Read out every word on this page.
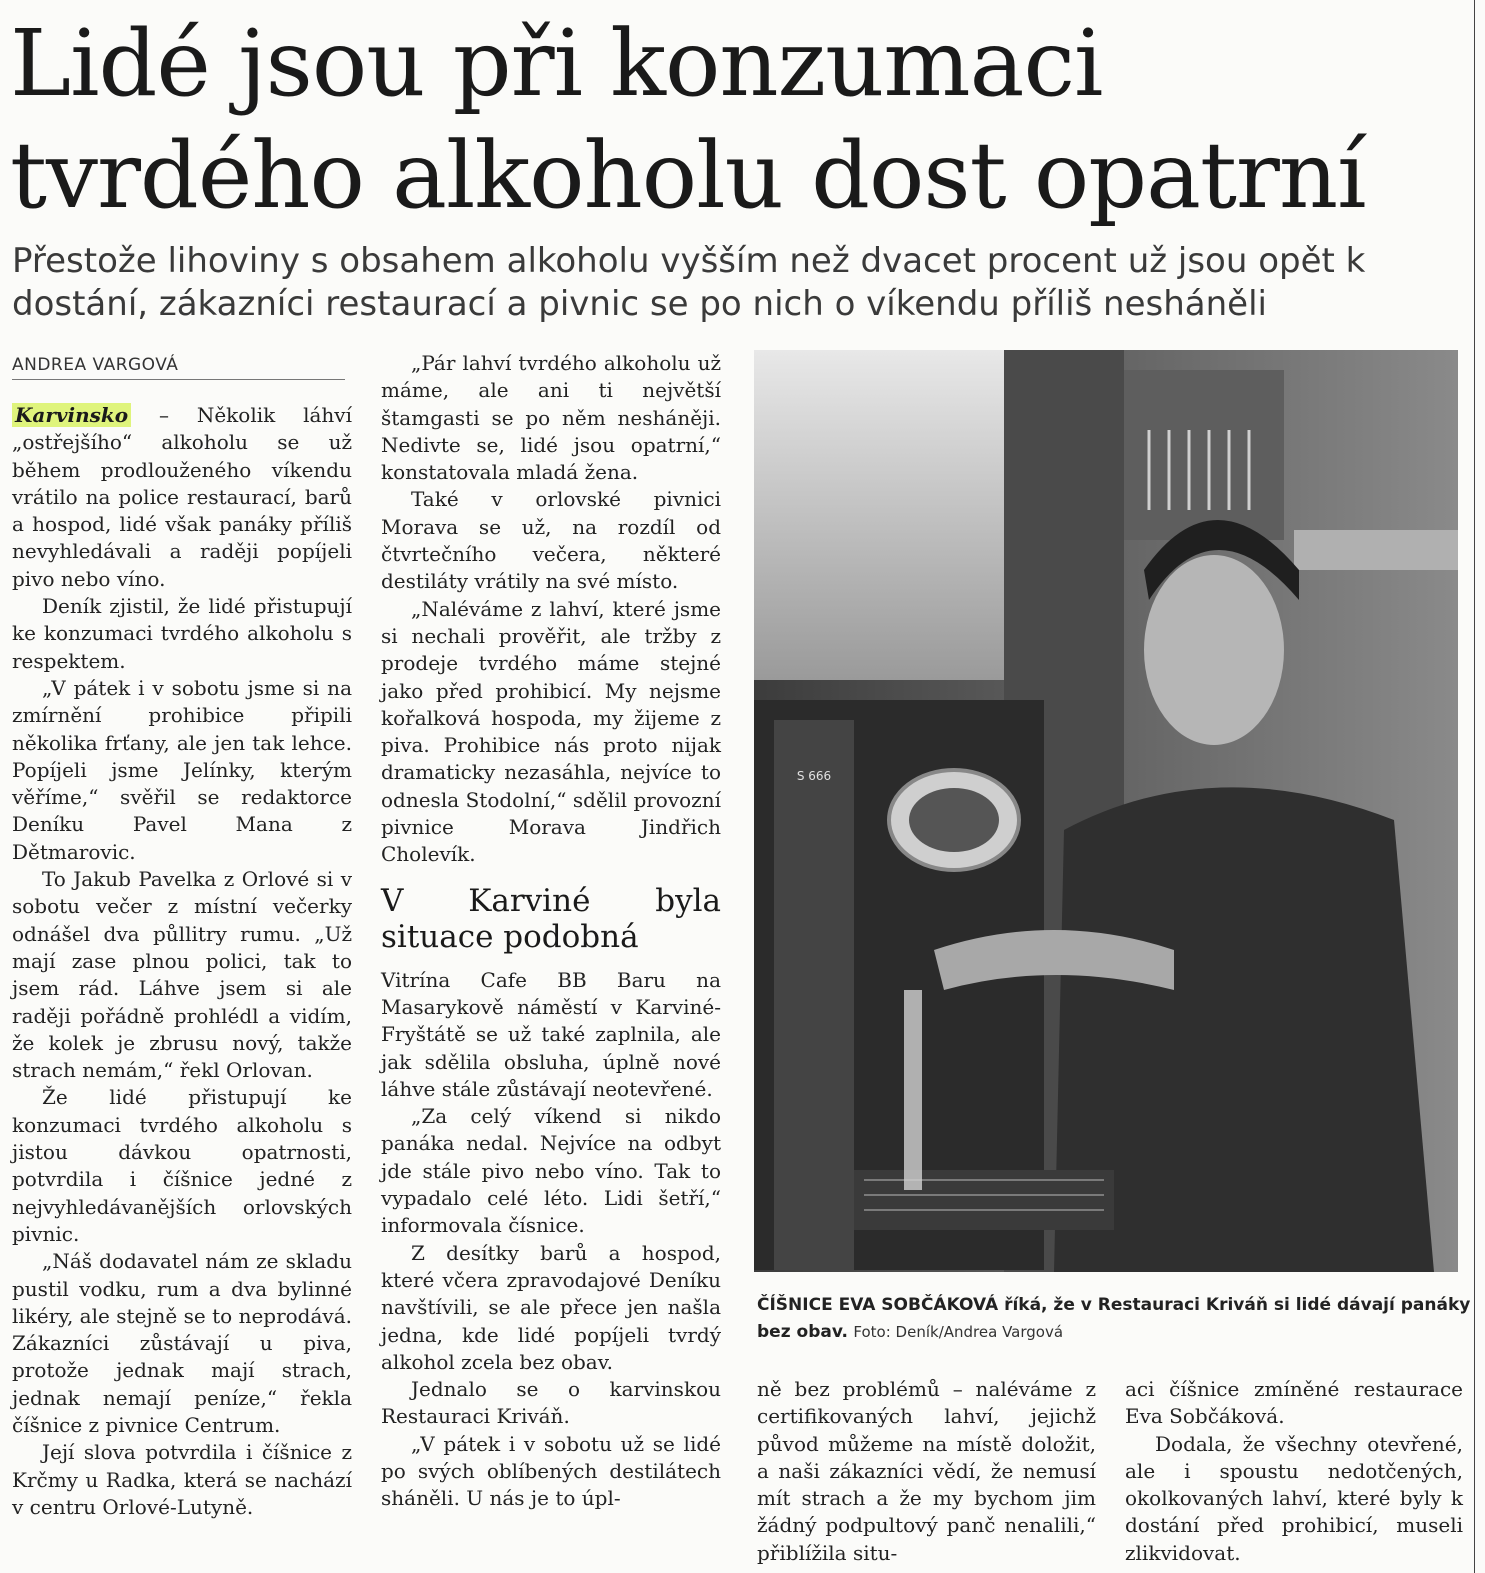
Lidé jsou při konzumaci
tvrdého alkoholu dost opatrní

Přestože lihoviny s obsahem alkoholu vyšším než dvacet procent už jsou opět k dostání, zákazníci restaurací a pivnic se po nich o víkendu příliš nesháněli

ANDREA VARGOVÁ

Karvinsko – Několik láhví „ostřejšího“ alkoholu se už během prodlouženého víkendu vrátilo na police restaurací, barů a hospod, lidé však panáky příliš nevyhledávali a raději popíjeli pivo nebo víno.

Deník zjistil, že lidé přistupují ke konzumaci tvrdého alkoholu s respektem.

„V pátek i v sobotu jsme si na zmírnění prohibice připili několika frťany, ale jen tak lehce. Popíjeli jsme Jelínky, kterým věříme,“ svěřil se redaktorce Deníku Pavel Mana z Dětmarovic.

To Jakub Pavelka z Orlové si v sobotu večer z místní večerky odnášel dva půllitry rumu. „Už mají zase plnou polici, tak to jsem rád. Láhve jsem si ale raději pořádně prohlédl a vidím, že kolek je zbrusu nový, takže strach nemám,“ řekl Orlovan.

Že lidé přistupují ke konzumaci tvrdého alkoholu s jistou dávkou opatrnosti, potvrdila i číšnice jedné z nejvyhledávanějších orlovských pivnic.

„Náš dodavatel nám ze skladu pustil vodku, rum a dva bylinné likéry, ale stejně se to neprodává. Zákazníci zůstávají u piva, protože jednak mají strach, jednak nemají peníze,“ řekla číšnice z pivnice Centrum.

Její slova potvrdila i číšnice z Krčmy u Radka, která se nachází v centru Orlové-Lutyně.

„Pár lahví tvrdého alkoholu už máme, ale ani ti největší štamgasti se po něm nesháněji. Nedivte se, lidé jsou opatrní,“ konstatovala mladá žena.

Také v orlovské pivnici Morava se už, na rozdíl od čtvrtečního večera, některé destiláty vrátily na své místo.

„Naléváme z lahví, které jsme si nechali prověřit, ale tržby z prodeje tvrdého máme stejné jako před prohibicí. My nejsme kořalková hospoda, my žijeme z piva. Prohibice nás proto nijak dramaticky nezasáhla, nejvíce to odnesla Stodolní,“ sdělil provozní pivnice Morava Jindřich Cholevík.

V Karviné byla situace podobná

Vitrína Cafe BB Baru na Masarykově náměstí v Karviné-Fryštátě se už také zaplnila, ale jak sdělila obsluha, úplně nové láhve stále zůstávají neotevřené.

„Za celý víkend si nikdo panáka nedal. Nejvíce na odbyt jde stále pivo nebo víno. Tak to vypadalo celé léto. Lidi šetří,“ informovala čísnice.

Z desítky barů a hospod, které včera zpravodajové Deníku navštívili, se ale přece jen našla jedna, kde lidé popíjeli tvrdý alkohol zcela bez obav.

Jednalo se o karvinskou Restauraci Kriváň.

„V pátek i v sobotu už se lidé po svých oblíbených destilátech sháněli. U nás je to úpl-

S 666
ČÍŠNICE EVA SOBČÁKOVÁ říká, že v Restauraci Kriváň si lidé dávají panáky bez obav. Foto: Deník/Andrea Vargová

ně bez problémů – naléváme z certifikovaných lahví, jejichž původ můžeme na místě doložit, a naši zákazníci vědí, že nemusí mít strach a že my bychom jim žádný podpultový panč nenalili,“ přiblížila situ-

aci číšnice zmíněné restaurace Eva Sobčáková.

Dodala, že všechny otevřené, ale i spoustu nedotčených, okolkovaných lahví, které byly k dostání před prohibicí, museli zlikvidovat.
